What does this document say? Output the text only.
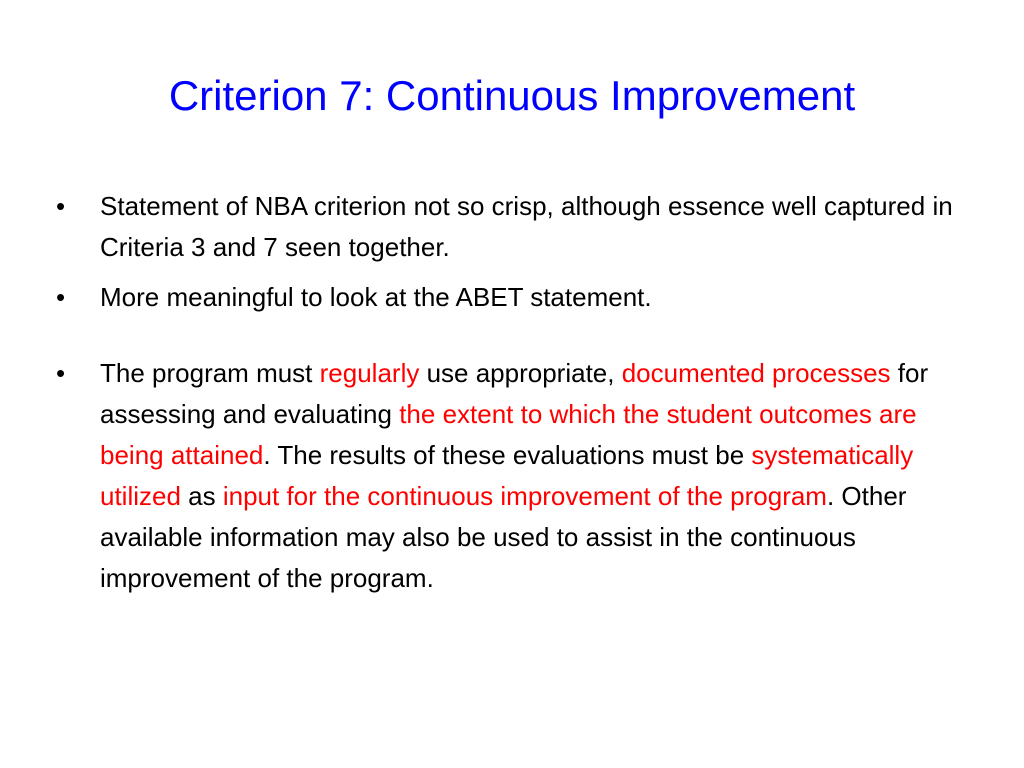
Criterion 7: Continuous Improvement
•	Statement of NBA criterion not so crisp, although essence well captured in Criteria 3 and 7 seen together.
•	More meaningful to look at the ABET statement.
•	The program must regularly use appropriate, documented processes for assessing and evaluating the extent to which the student outcomes are being attained. The results of these evaluations must be systematically utilized as input for the continuous improvement of the program. Other available information may also be used to assist in the continuous improvement of the program.
